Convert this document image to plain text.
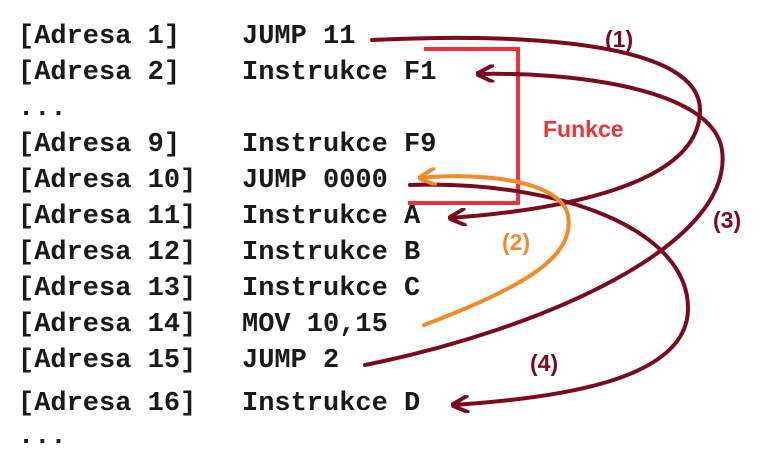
[Adresa 1] JUMP 11
[Adresa 2] Instrukce F1
...
[Adresa 9] Instrukce F9
[Adresa 10] JUMP 0000
[Adresa 11] Instrukce A
[Adresa 12] Instrukce B
[Adresa 13] Instrukce C
[Adresa 14] MOV 10,15
[Adresa 15] JUMP 2
[Adresa 16] Instrukce D
...
Funkce
(1)
(2)
(3)
(4)
